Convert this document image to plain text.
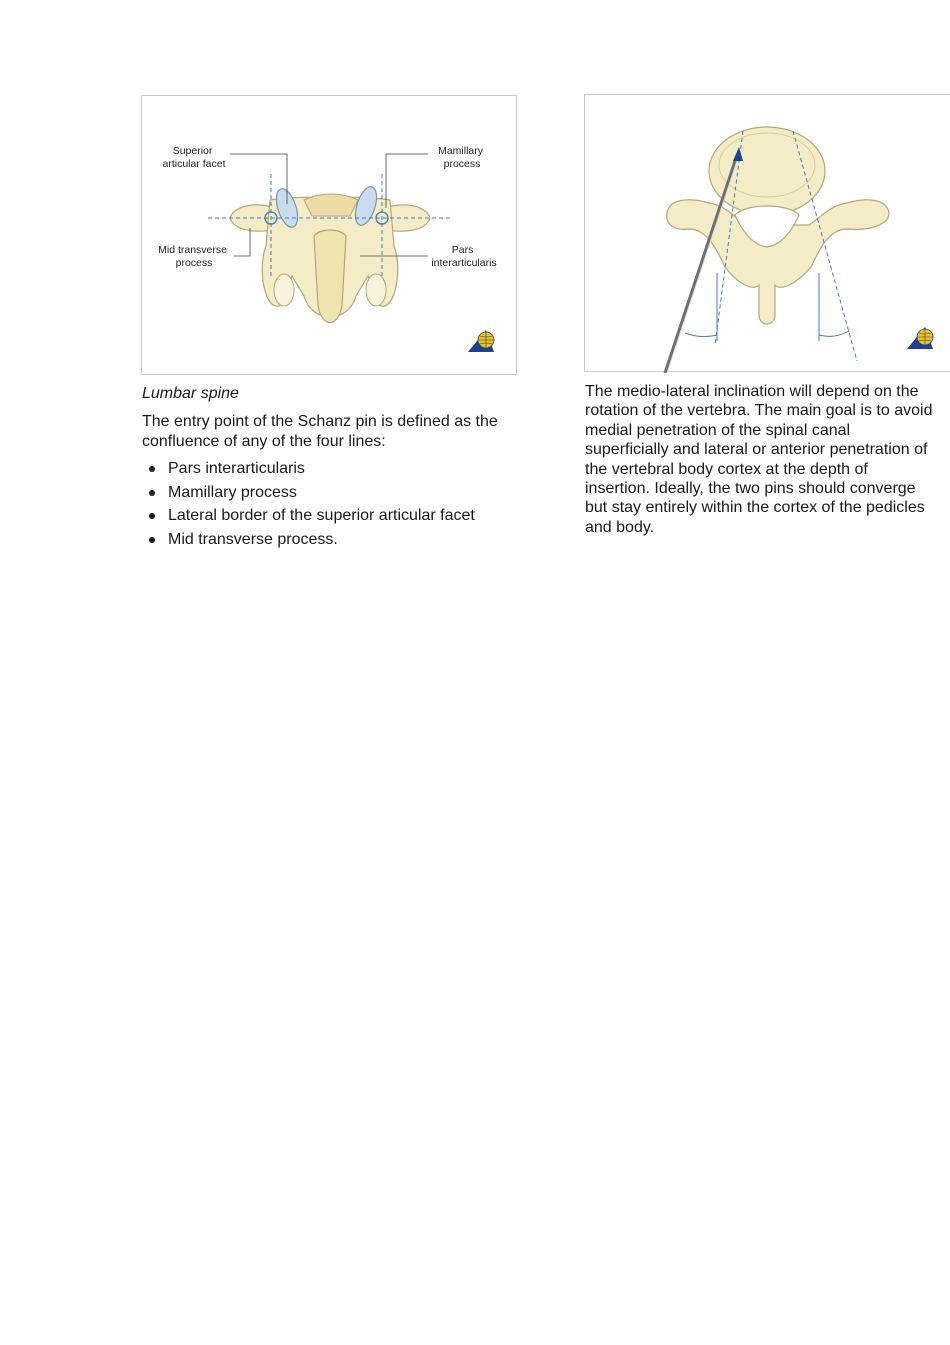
Superior articular facet
Mamillary process
Mid transverse process
Pars interarticularis
Lumbar spine

The entry point of the Schanz pin is defined as the confluence of any of the four lines:

Pars interarticularis
Mamillary process
Lateral border of the superior articular facet
Mid transverse process.

The medio-lateral inclination will depend on the
rotation of the vertebra. The main goal is to avoid
medial penetration of the spinal canal
superficially and lateral or anterior penetration of
the vertebral body cortex at the depth of
insertion. Ideally, the two pins should converge
but stay entirely within the cortex of the pedicles
and body.
